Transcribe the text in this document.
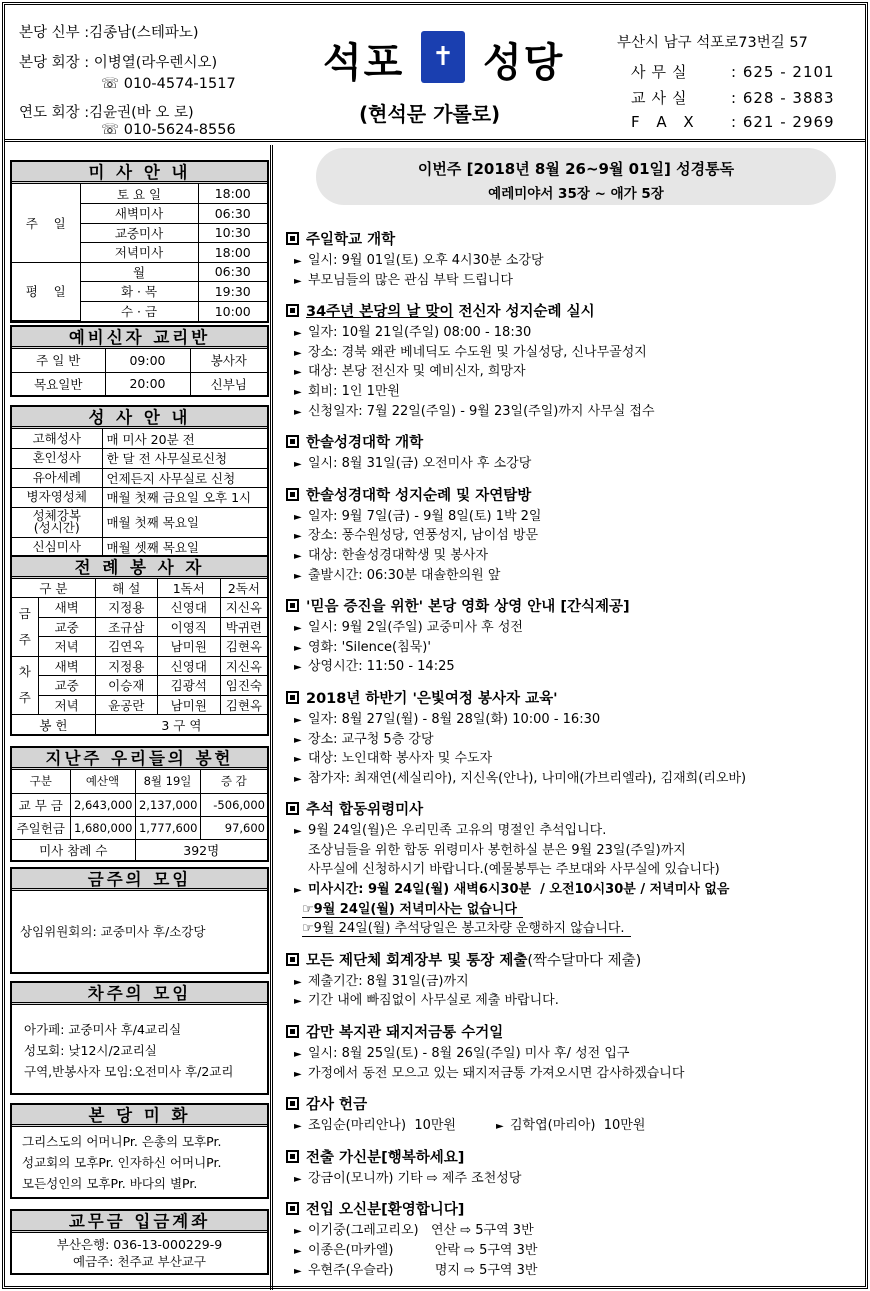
본당 신부 :김종남(스테파노)
본당 회장 : 이병열(라우렌시오)
☏ 010-4574-1517
연도 회장 :김윤권(바 오 로)
☏ 010-5624-8556
석포	✝ 성당
(현석문 가롤로)
부산시 남구 석포로73번길 57
사무실	: 625 - 2101
교사실	: 628 - 3883
F A X : 621 - 2969
미 사 안 내
주    일	토 요 일	18:00
	새벽미사	06:30
	교중미사	10:30
	저녁미사	18:00
평    일	월	06:30
	화 · 목	19:30
	수 · 금	10:00
예비신자 교리반
주 일 반	09:00	봉사자
목요일반	20:00	신부님
성 사 안 내
고해성사	매 미사 20분 전
혼인성사	한 달 전 사무실로신청
유아세례	언제든지 사무실로 신청
병자영성체	매월 첫째 금요일 오후 1시
성체강복
(성시간)	매월 첫째 목요일
신심미사	매월 셋째 목요일
전 례 봉 사 자
구 분		해 설	1독서	2독서
금주	새벽	지정용	신영대	지신옥
	교중	조규삼	이영직	박귀련
	저녁	김연옥	남미원	김현옥
차주	새벽	지정용	신영대	지신옥
	교중	이승재	김광석	임진숙
	저녁	윤공란	남미원	김현옥
봉 헌		3 구 역		
지난주 우리들의 봉헌
구분	예산액	8월 19일	증 감
교 무 금	2,643,000	2,137,000	-506,000
주일헌금	1,680,000	1,777,600	97,600
미사 참례 수		392명	
금주의 모임
상임위원회의: 교중미사 후/소강당
차주의 모임
아가페: 교중미사 후/4교리실
성모회: 낮12시/2교리실
구역,반봉사자 모임:오전미사 후/2교리
본 당 미 화
그리스도의 어머니Pr. 은총의 모후Pr.
성교회의 모후Pr. 인자하신 어머니Pr.
모든성인의 모후Pr. 바다의 별Pr.
교무금 입금계좌
부산은행: 036-13-000229-9
예금주: 천주교 부산교구
이번주 [2018년 8월 26~9월 01일] 성경통독
예레미야서 35장 ~ 애가 5장
주일학교 개학
► 일시: 9월 01일(토) 오후 4시30분 소강당
► 부모님들의 많은 관심 부탁 드립니다
34주년 본당의 날 맞이 전신자 성지순례 실시
► 일자: 10월 21일(주일) 08:00 - 18:30
► 장소: 경북 왜관 베네딕도 수도원 및 가실성당, 신나무골성지
► 대상: 본당 전신자 및 예비신자, 희망자
► 회비: 1인 1만원
► 신청일자: 7월 22일(주일) - 9월 23일(주일)까지 사무실 접수
한솔성경대학 개학
► 일시: 8월 31일(금) 오전미사 후 소강당
한솔성경대학 성지순례 및 자연탐방
► 일자: 9월 7일(금) - 9월 8일(토) 1박 2일
► 장소: 풍수원성당, 연풍성지, 남이섬 방문
► 대상: 한솔성경대학생 및 봉사자
► 출발시간: 06:30분 대솔한의원 앞
'믿음 증진을 위한' 본당 영화 상영 안내 [간식제공]
► 일시: 9월 2일(주일) 교중미사 후 성전
► 영화: 'Silence(침묵)'
► 상영시간: 11:50 - 14:25
2018년 하반기 '은빛여정 봉사자 교육'
► 일자: 8월 27일(월) - 8월 28일(화) 10:00 - 16:30
► 장소: 교구청 5층 강당
► 대상: 노인대학 봉사자 및 수도자
► 참가자: 최재연(세실리아), 지신옥(안나), 나미애(가브리엘라), 김재희(리오바)
추석 합동위령미사
► 9월 24일(월)은 우리민족 고유의 명절인 추석입니다.
조상님들을 위한 합동 위령미사 봉헌하실 분은 9월 23일(주일)까지
사무실에 신청하시기 바랍니다.(예물봉투는 주보대와 사무실에 있습니다)
► 미사시간: 9월 24일(월) 새벽6시30분  / 오전10시30분 / 저녁미사 없음
☞9월 24일(월) 저녁미사는 없습니다
☞9월 24일(월) 추석당일은 봉고차량 운행하지 않습니다.
모든 제단체 회계장부 및 통장 제출(짝수달마다 제출)
► 제출기간: 8월 31일(금)까지
► 기간 내에 빠짐없이 사무실로 제출 바랍니다.
감만 복지관 돼지저금통 수거일
► 일시: 8월 25일(토) - 8월 26일(주일) 미사 후/ 성전 입구
► 가정에서 동전 모으고 있는 돼지저금통 가져오시면 감사하겠습니다
감사 헌금
► 조임순(마리안나)  10만원	► 김학엽(마리아)  10만원
전출 가신분[행복하세요]
► 강금이(모니까) 기타 ⇨ 제주 조천성당
전입 오신분[환영합니다]
► 이기중(그레고리오)   연산 ⇨ 5구역 3반
► 이종은(마카엘)          안락 ⇨ 5구역 3반
► 우현주(우슬라)          명지 ⇨ 5구역 3반
